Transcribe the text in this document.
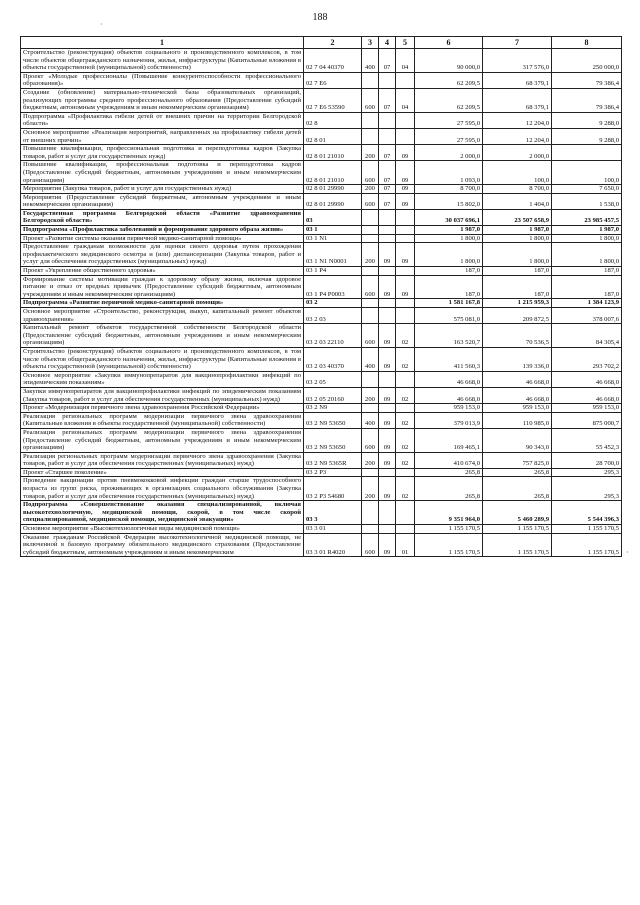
188
1	2	3	4	5	6	7	8
Строительство (реконструкция) объектов социального и производственного комплексов, в том числе объектов общегражданского назначения, жилья, инфраструктуры (Капитальные вложения в объекты государственной (муниципальной) собственности)	02 7 04 40370	400	07	04	90 000,0	317 576,0	250 000,0
Проект «Молодые профессионалы (Повышение конкурентоспособности профессионального образования)»	02 7 E6				62 209,5	68 379,1	79 386,4
Создание (обновление) материально-технической базы образовательных организаций, реализующих программы среднего профессионального образования (Предоставление субсидий бюджетным, автономным учреждениям и иным некоммерческим организациям)	02 7 E6 53590	600	07	04	62 209,5	68 379,1	79 386,4
Подпрограмма «Профилактика гибели детей от внешних причин на территории Белгородской области»	02 8				27 595,0	12 204,0	9 288,0
Основное мероприятие «Реализация мероприятий, направленных на профилактику гибели детей от внешних причин»	02 8 01				27 595,0	12 204,0	9 288,0
Повышение квалификации, профессиональная подготовка и переподготовка кадров (Закупка товаров, работ и услуг для государственных нужд)	02 8 01 21010	200	07	09	2 000,0	2 000,0	
Повышение квалификации, профессиональная подготовка и переподготовка кадров (Предоставление субсидий бюджетным, автономным учреждениям и иным некоммерческим организациям)	02 8 01 21010	600	07	09	1 093,0	100,0	100,0
Мероприятия (Закупка товаров, работ и услуг для государственных нужд)	02 8 01 29990	200	07	09	8 700,0	8 700,0	7 650,0
Мероприятия (Предоставление субсидий бюджетным, автономным учреждениям и иным некоммерческим организациям)	02 8 01 29990	600	07	09	15 802,0	1 404,0	1 538,0
Государственная программа Белгородской области «Развитие здравоохранения Белгородской области»	03				30 037 696,1	23 507 658,9	23 985 457,5
Подпрограмма «Профилактика заболеваний и формирование здорового образа жизни»	03 1				1 987,0	1 987,0	1 987,0
Проект «Развитие системы оказания первичной медико-санитарной помощи»	03 1 N1				1 800,0	1 800,0	1 800,0
Предоставление гражданам возможности для оценки своего здоровья путем прохождения профилактического медицинского осмотра и (или) диспансеризации (Закупка товаров, работ и услуг для обеспечения государственных (муниципальных) нужд)	03 1 N1 N0001	200	09	09	1 800,0	1 800,0	1 800,0
Проект «Укрепление общественного здоровья»	03 1 P4				187,0	187,0	187,0
Формирование системы мотивации граждан к здоровому образу жизни, включая здоровое питание и отказ от вредных привычек (Предоставление субсидий бюджетным, автономным учреждениям и иным некоммерческим организациям)	03 1 P4 P0003	600	09	09	187,0	187,0	187,0
Подпрограмма «Развитие первичной медико-санитарной помощи»	03 2				1 581 167,8	1 215 959,3	1 384 123,9
Основное мероприятие «Строительство, реконструкция, выкуп, капитальный ремонт объектов здравоохранения»	03 2 03				575 081,0	209 872,5	378 007,6
Капитальный ремонт объектов государственной собственности Белгородской области (Предоставление субсидий бюджетным, автономным учреждениям и иным некоммерческим организациям)	03 2 03 22110	600	09	02	163 520,7	70 536,5	84 305,4
Строительство (реконструкция) объектов социального и производственного комплексов, в том числе объектов общегражданского назначения, жилья, инфраструктуры (Капитальные вложения в объекты государственной (муниципальной) собственности)	03 2 03 40370	400	09	02	411 560,3	139 336,0	293 702,2
Основное мероприятие «Закупки иммунопрепаратов для вакцинопрофилактики инфекций по эпидемическим показаниям»	03 2 05				46 668,0	46 668,0	46 668,0
Закупки иммунопрепаратов для вакцинопрофилактики инфекций по эпидемическим показаниям (Закупка товаров, работ и услуг для обеспечения государственных (муниципальных) нужд)	03 2 05 20160	200	09	02	46 668,0	46 668,0	46 668,0
Проект «Модернизация первичного звена здравоохранения Российской Федерации»	03 2 N9				959 153,0	959 153,0	959 153,0
Реализация региональных программ модернизации первичного звена здравоохранения (Капитальные вложения в объекты государственной (муниципальной) собственности)	03 2 N9 53650	400	09	02	379 013,9	110 985,0	875 000,7
Реализация региональных программ модернизации первичного звена здравоохранения (Предоставление субсидий бюджетным, автономным учреждениям и иным некоммерческим организациям)	03 2 N9 53650	600	09	02	169 465,1	90 343,0	55 452,3
Реализация региональных программ модернизации первичного звена здравоохранения (Закупка товаров, работ и услуг для обеспечения государственных (муниципальных) нужд)	03 2 N9 5365R	200	09	02	410 674,0	757 825,0	28 700,0
Проект «Старшее поколение»	03 2 P3				265,8	265,8	295,3
Проведение вакцинации против пневмококковой инфекции граждан старше трудоспособного возраста из групп риска, проживающих в организациях социального обслуживания (Закупка товаров, работ и услуг для обеспечения государственных (муниципальных) нужд)	03 2 P3 54680	200	09	02	265,8	265,8	295,3
Подпрограмма «Совершенствование оказания специализированной, включая высокотехнологичную, медицинской помощи, скорой, в том числе скорой специализированной, медицинской помощи, медицинской эвакуации»	03 3				9 351 964,0	5 460 289,9	5 544 396,3
Основное мероприятие «Высокотехнологичные виды медицинской помощи»	03 3 01				1 155 170,5	1 155 170,5	1 155 170,5
Оказание гражданам Российской Федерации высокотехнологичной медицинской помощи, не включенной в базовую программу обязательного медицинского страхования (Предоставление субсидий бюджетным, автономным учреждениям и иным некоммерческим	03 3 01 R4020	600	09	01	1 155 170,5	1 155 170,5	1 155 170,5
·
·
